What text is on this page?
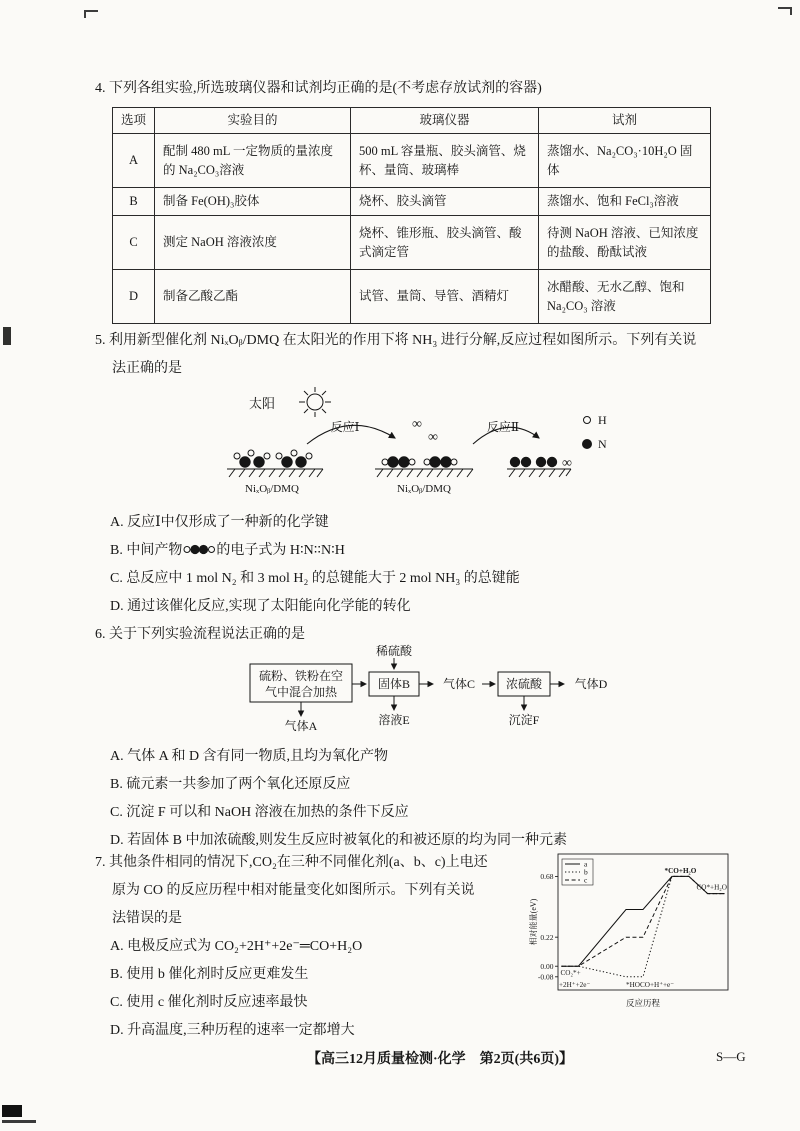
4. 下列各组实验,所选玻璃仪器和试剂均正确的是(不考虑存放试剂的容器)
选项	实验目的	玻璃仪器	试剂
A	配制 480 mL 一定物质的量浓度的 Na₂CO₃溶液	500 mL 容量瓶、胶头滴管、烧杯、量筒、玻璃棒	蒸馏水、Na₂CO₃·10H₂O 固体
B	制备 Fe(OH)₃胶体	烧杯、胶头滴管	蒸馏水、饱和 FeCl₃溶液
C	测定 NaOH 溶液浓度	烧杯、锥形瓶、胶头滴管、酸式滴定管	待测 NaOH 溶液、已知浓度的盐酸、酚酞试液
D	制备乙酸乙酯	试管、量筒、导管、酒精灯	冰醋酸、无水乙醇、饱和 Na₂CO₃ 溶液
5. 利用新型催化剂 NiₓOᵦ/DMQ 在太阳光的作用下将 NH₃ 进行分解,反应过程如图所示。下列有关说
法正确的是
太阳
NiₓOᵦ/DMQ
反应Ⅰ	∞
∞
NiₓOᵦ/DMQ
反应Ⅱ
∞
H
N
A. 反应Ⅰ中仅形成了一种新的化学键
B. 中间产物 的电子式为 H∶N∶∶N∶H
C. 总反应中 1 mol N₂ 和 3 mol H₂ 的总键能大于 2 mol NH₃ 的总键能
D. 通过该催化反应,实现了太阳能向化学能的转化
6. 关于下列实验流程说法正确的是
稀硫酸
硫粉、铁粉在空
气中混合加热
固体B	气体C	浓硫酸	气体D
气体A	溶液E	沉淀F
A. 气体 A 和 D 含有同一物质,且均为氧化产物
B. 硫元素一共参加了两个氧化还原反应
C. 沉淀 F 可以和 NaOH 溶液在加热的条件下反应
D. 若固体 B 中加浓硫酸,则发生反应时被氧化的和被还原的均为同一种元素
7. 其他条件相同的情况下,CO₂在三种不同催化剂(a、b、c)上电还
原为 CO 的反应历程中相对能量变化如图所示。下列有关说
法错误的是
A. 电极反应式为 CO₂+2H⁺+2e⁻═CO+H₂O
B. 使用 b 催化剂时反应更难发生
C. 使用 c 催化剂时反应速率最快
D. 升高温度,三种历程的速率一定都增大
0.68
0.22
0.00
-0.08
a
b
c
*CO+H₂O
CO*+H₂O
CO₂*+
+2H⁺+2e⁻	*HOCO+H⁺+e⁻
反应历程
相对能量(eV)
【高三12月质量检测·化学　第2页(共6页)】	S—G
